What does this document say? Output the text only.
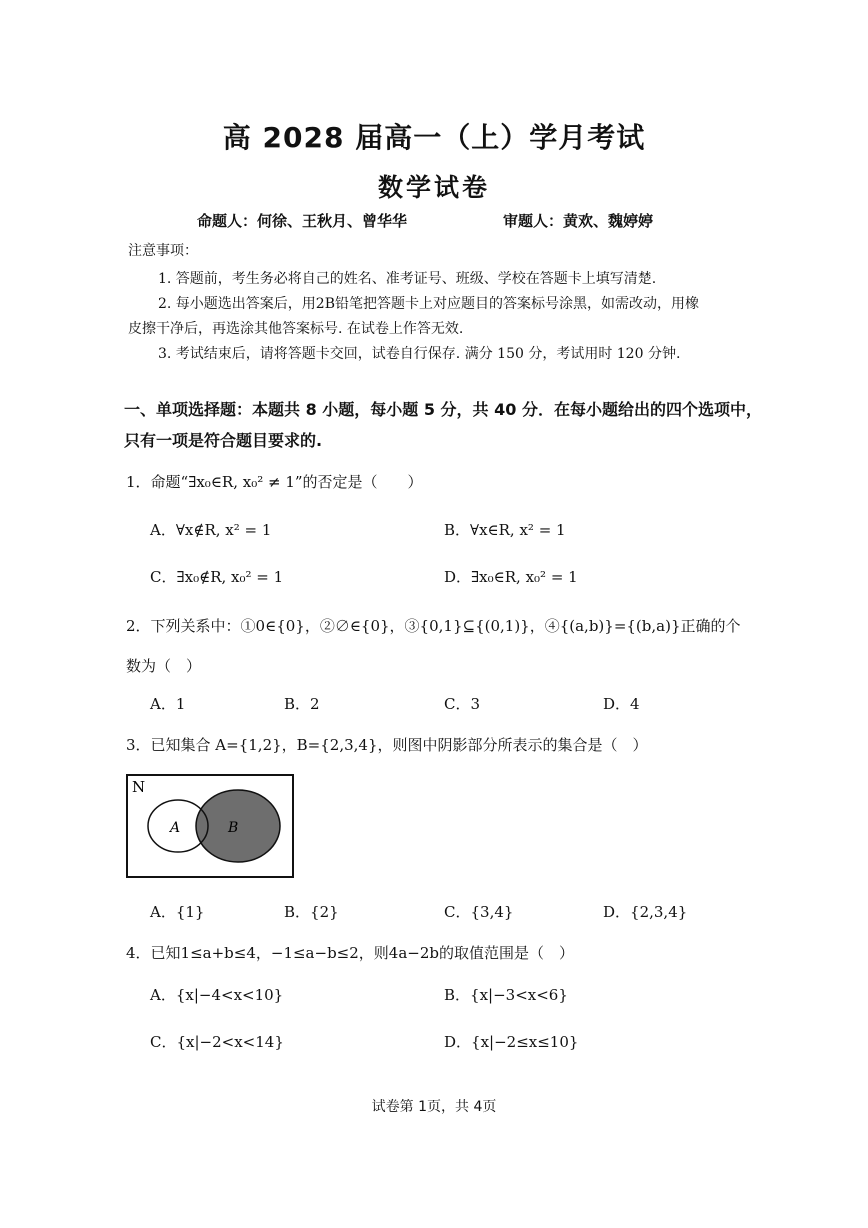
高 2028 届高一（上）学月考试
数学试卷
命题人：何徐、王秋月、曾华华	审题人：黄欢、魏婷婷
注意事项：
1. 答题前，考生务必将自己的姓名、准考证号、班级、学校在答题卡上填写清楚.
2. 每小题选出答案后，用2B铅笔把答题卡上对应题目的答案标号涂黑，如需改动，用橡
皮擦干净后，再选涂其他答案标号. 在试卷上作答无效.
3. 考试结束后，请将答题卡交回，试卷自行保存. 满分 150 分，考试用时 120 分钟.
一、单项选择题：本题共 8 小题，每小题 5 分，共 40 分．在每小题给出的四个选项中，
只有一项是符合题目要求的.
1．命题“∃x₀∈R, x₀² ≠ 1”的否定是（　　）
A．∀x∉R, x² = 1	B．∀x∈R, x² = 1
C．∃x₀∉R, x₀² = 1	D．∃x₀∈R, x₀² = 1
2．下列关系中：①0∈{0}，②∅∈{0}，③{0,1}⊆{(0,1)}，④{(a,b)}={(b,a)}正确的个
数为（　）
A．1	B．2	C．3	D．4
3．已知集合 A={1,2}，B={2,3,4}，则图中阴影部分所表示的集合是（　）
N
A	B
A．{1}	B．{2}	C．{3,4}	D．{2,3,4}
4．已知1≤a+b≤4，−1≤a−b≤2，则4a−2b的取值范围是（　）
A．{x|−4<x<10}	B．{x|−3<x<6}
C．{x|−2<x<14}	D．{x|−2≤x≤10}
试卷第 1页，共 4页
